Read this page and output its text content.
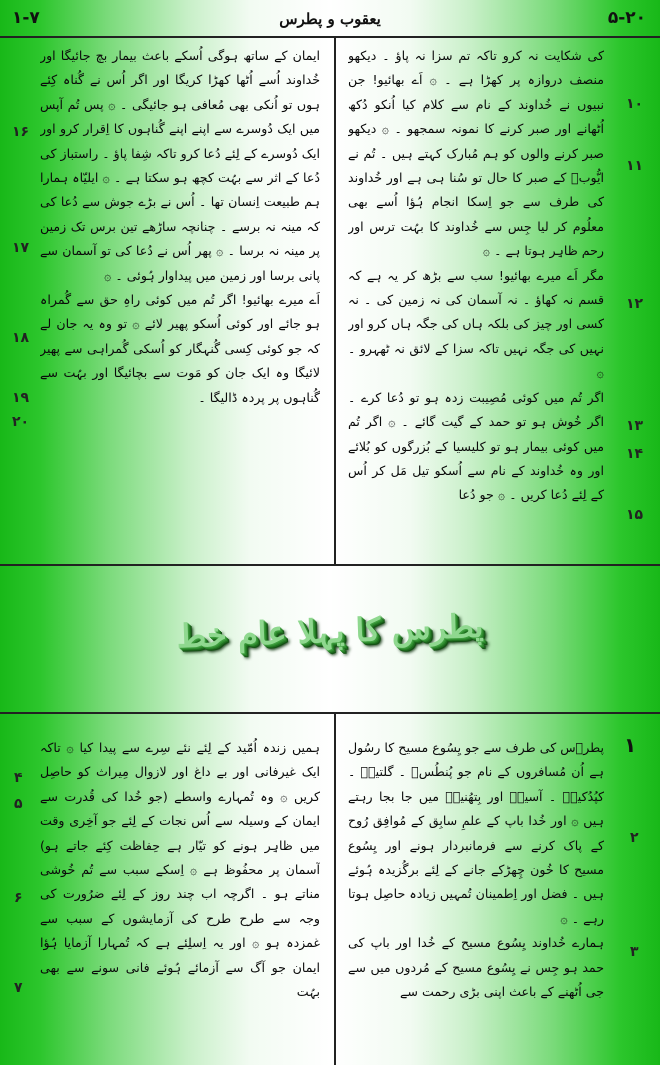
۱-۷	یعقوب و پطرس	۵-۲۰

کی شکایت نہ کرو تاکہ تم سزا نہ پاؤ ۔ دیکھو منصف دروازہ پر کھڑا ہے ۔ ۞ اَے بھائیو! جن نبیوں نے خُداوند کے نام سے کلام کیا اُنکو دُکھ اُٹھانے اور صبر کرنے کا نمونہ سمجھو ۔ ۞ دیکھو صبر کرنے والوں کو ہم مُبارک کہتے ہیں ۔ تُم نے ایُّوبؔ کے صبر کا حال تو سُنا ہی ہے اور خُداوند کی طرف سے جو اِسکا انجام ہُؤا اُسے بھی معلُوم کر لیا جِس سے خُداوند کا بہُت ترس اور رحم ظاہِر ہوتا ہے ۔ ۞

مگر اَے میرے بھائیو! سب سے بڑھ کر یہ ہے کہ قسم نہ کھاؤ ۔ نہ آسمان کی نہ زمین کی ۔ نہ کسی اور چیز کی بلکہ ہاں کی جگہ ہاں کرو اور نہیں کی جگہ نہیں تاکہ سزا کے لائق نہ ٹھہرو ۔ ۞

اگر تُم میں کوئی مُصِیبت زدہ ہو تو دُعا کرے ۔ اگر خُوش ہو تو حمد کے گیت گائے ۔ ۞ اگر تُم میں کوئی بیمار ہو تو کلیسیا کے بُزرگوں کو بُلائے اور وہ خُداوند کے نام سے اُسکو تیل مَل کر اُس کے لِئے دُعا کریں ۔ ۞ جو دُعا

ایمان کے ساتھ ہوگی اُسکے باعث بیمار بچ جائیگا اور خُداوند اُسے اُٹھا کھڑا کریگا اور اگر اُس نے گُناہ کِئے ہوں تو اُنکی بھی مُعافی ہو جائیگی ۔ ۞ پس تُم آپس میں ایک دُوسرے سے اپنے اپنے گُناہوں کا اِقرار کرو اور ایک دُوسرے کے لِئے دُعا کرو تاکہ شِفا پاؤ ۔ راستباز کی دُعا کے اثر سے بہُت کچھ ہو سکتا ہے ۔ ۞ ایلیّاہ ہمارا ہم طبیعت اِنسان تھا ۔ اُس نے بڑے جوش سے دُعا کی کہ مینہ نہ برسے ۔ چنانچہ ساڑھے تین برس تک زمین پر مینہ نہ برسا ۔ ۞ پھر اُس نے دُعا کی تو آسمان سے پانی برسا اور زمین میں پیداوار ہُوئی ۔ ۞

اَے میرے بھائیو! اگر تُم میں کوئی راہِ حق سے گُمراہ ہو جائے اور کوئی اُسکو پھیر لائے ۞ تو وہ یہ جان لے کہ جو کوئی کِسی گُنہگار کو اُسکی گُمراہی سے پھیر لائیگا وہ ایک جان کو مَوت سے بچائیگا اور بہُت سے گُناہوں پر پردہ ڈالیگا ۔

۱۰
۱۱
۱۲
۱۳
۱۴
۱۵
۱۶
۱۷
۱۸
۱۹
۲۰
پطرس کا پہلا عام خط
۱

پطرؔس کی طرف سے جو یِسُوع مسیح کا رسُول ہے اُن مُسافروں کے نام جو پُنطُسؔ ۔ گلتیہؔ ۔ کپُدُکیہؔ ۔ آسیہؔ اور بِتھُنیہؔ میں جا بجا رہتے ہیں ۞ اور خُدا باپ کے علمِ سابِق کے مُوافِق رُوح کے پاک کرنے سے فرمانبردار ہونے اور یِسُوع مسیح کا خُون چِھڑکے جانے کے لِئے برگُزیدہ ہُوئے ہیں ۔ فضل اور اِطمینان تُمہیں زیادہ حاصِل ہوتا رہے ۔ ۞

ہمارے خُداوند یِسُوع مسیح کے خُدا اور باپ کی حمد ہو جِس نے یِسُوع مسیح کے مُردوں میں سے جی اُٹھنے کے باعث اپنی بڑی رحمت سے

ہمیں زندہ اُمّید کے لِئے نئے سِرے سے پیدا کیا ۞ تاکہ ایک غیرفانی اور بے داغ اور لازوال مِیراث کو حاصِل کریں ۞ وہ تُمہارے واسطے (جو خُدا کی قُدرت سے ایمان کے وسیلہ سے اُس نجات کے لِئے جو آخِری وقت میں ظاہِر ہونے کو تیّار ہے حِفاظت کِئے جاتے ہو) آسمان پر محفُوظ ہے ۞ اِسکے سبب سے تُم خُوشی مناتے ہو ۔ اگرچہ اب چند روز کے لِئے ضرُورت کی وجہ سے طرح طرح کی آزمایشوں کے سبب سے غمزدہ ہو ۞ اور یہ اِسلِئے ہے کہ تُمہارا آزمایا ہُؤا ایمان جو آگ سے آزمائے ہُوئے فانی سونے سے بھی بہُت

۲
۳
۴
۵
۶
۷
